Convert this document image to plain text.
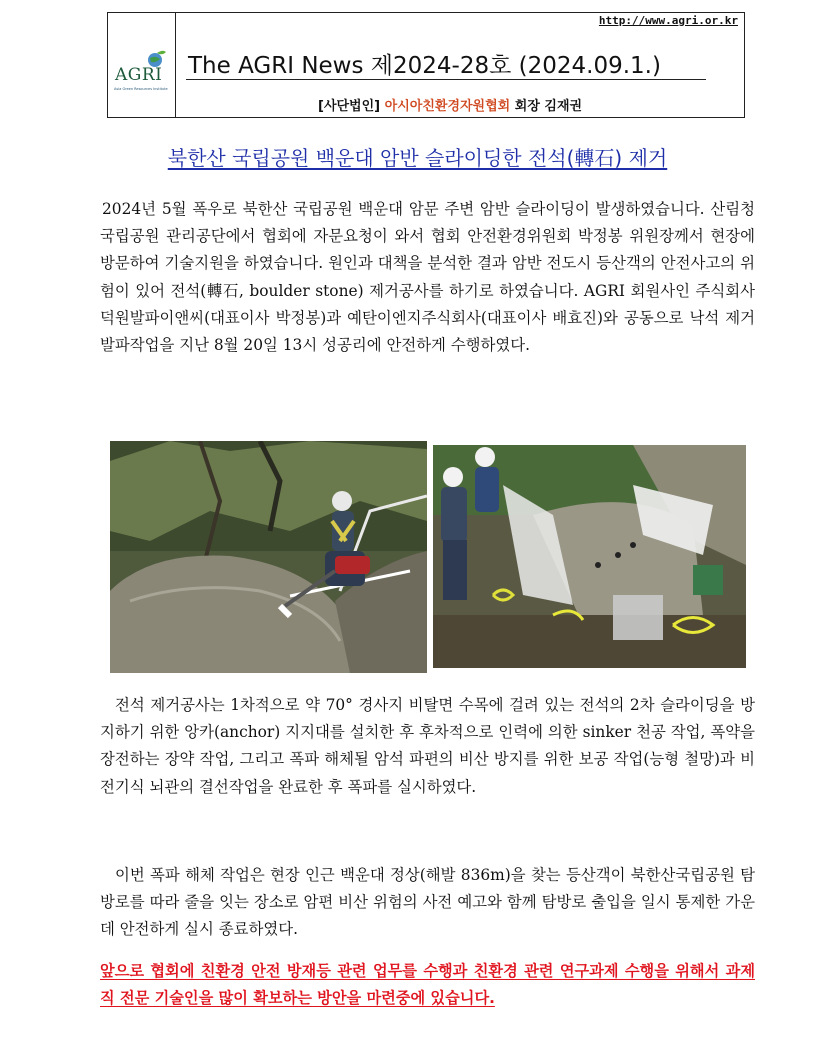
http://www.agri.or.kr
AGRI
Asia Green Resources Institute
The AGRI News 제2024-28호 (2024.09.1.)
[사단법인] 아시아친환경자원협회 회장 김재권
북한산 국립공원 백운대 암반 슬라이딩한 전석(轉石) 제거

2024년 5월 폭우로 북한산 국립공원 백운대 암문 주변 암반 슬라이딩이 발생하였습니다. 산림청 국립공원 관리공단에서 협회에 자문요청이 와서 협회 안전환경위원회 박정봉 위원장께서 현장에 방문하여 기술지원을 하였습니다. 원인과 대책을 분석한 결과 암반 전도시 등산객의 안전사고의 위험이 있어 전석(轉石, boulder stone) 제거공사를 하기로 하였습니다. AGRI 회원사인 주식회사 덕원발파이앤씨(대표이사 박정봉)과 예탄이엔지주식회사(대표이사 배효진)와 공동으로 낙석 제거 발파작업을 지난 8월 20일 13시 성공리에 안전하게 수행하였다.

전석 제거공사는 1차적으로 약 70° 경사지 비탈면 수목에 걸려 있는 전석의 2차 슬라이딩을 방지하기 위한 앙카(anchor) 지지대를 설치한 후 후차적으로 인력에 의한 sinker 천공 작업, 폭약을 장전하는 장약 작업, 그리고 폭파 해체될 암석 파편의 비산 방지를 위한 보공 작업(능형 철망)과 비전기식 뇌관의 결선작업을 완료한 후 폭파를 실시하였다.

이번 폭파 해체 작업은 현장 인근 백운대 정상(해발 836m)을 찾는 등산객이 북한산국립공원 탐방로를 따라 줄을 잇는 장소로 암편 비산 위험의 사전 예고와 함께 탐방로 출입을 일시 통제한 가운데 안전하게 실시 종료하였다.

앞으로 협회에 친환경 안전 방재등 관련 업무를 수행과 친환경 관련 연구과제 수행을 위해서 과제직 전문 기술인을 많이 확보하는 방안을 마련중에 있습니다.
